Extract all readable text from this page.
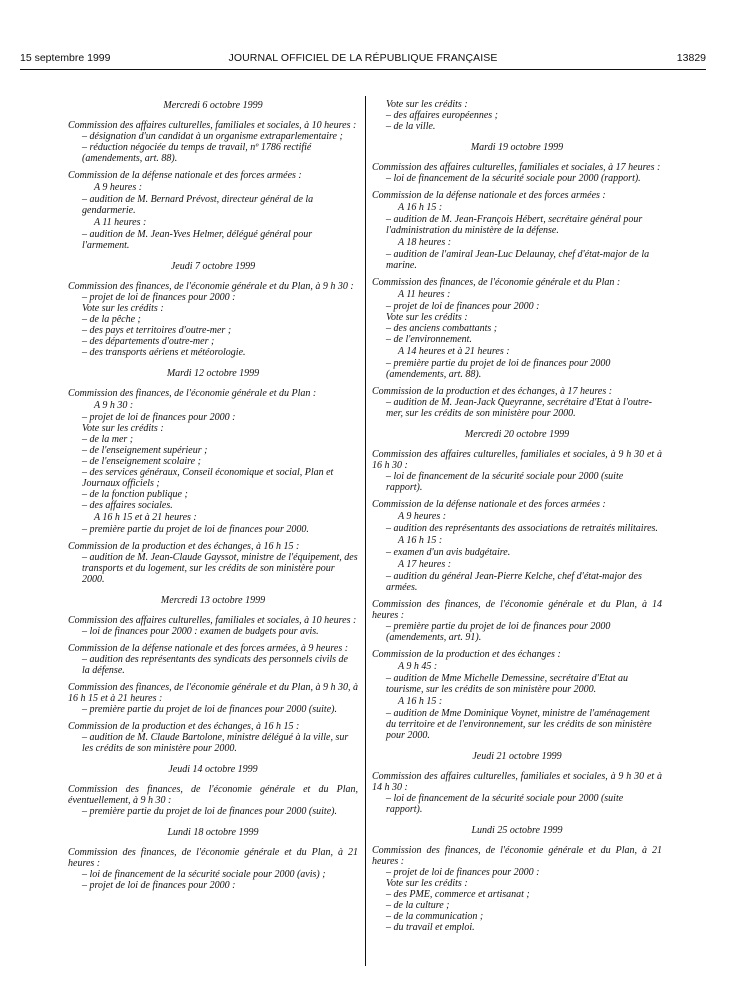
15 septembre 1999	JOURNAL OFFICIEL DE LA RÉPUBLIQUE FRANÇAISE	13829
Mercredi 6 octobre 1999
Commission des affaires culturelles, familiales et sociales, à 10 heures :
– désignation d'un candidat à un organisme extraparlementaire ;
– réduction négociée du temps de travail, nº 1786 rectifié (amendements, art. 88).
Commission de la défense nationale et des forces armées :
A 9 heures :
– audition de M. Bernard Prévost, directeur général de la gendarmerie.
A 11 heures :
– audition de M. Jean-Yves Helmer, délégué général pour l'armement.
Jeudi 7 octobre 1999
Commission des finances, de l'économie générale et du Plan, à 9 h 30 :
– projet de loi de finances pour 2000 :
Vote sur les crédits :
– de la pêche ;
– des pays et territoires d'outre-mer ;
– des départements d'outre-mer ;
– des transports aériens et météorologie.
Mardi 12 octobre 1999
Commission des finances, de l'économie générale et du Plan :
A 9 h 30 :
– projet de loi de finances pour 2000 :
Vote sur les crédits :
– de la mer ;
– de l'enseignement supérieur ;
– de l'enseignement scolaire ;
– des services généraux, Conseil économique et social, Plan et Journaux officiels ;
– de la fonction publique ;
– des affaires sociales.
A 16 h 15 et à 21 heures :
– première partie du projet de loi de finances pour 2000.
Commission de la production et des échanges, à 16 h 15 :
– audition de M. Jean-Claude Gayssot, ministre de l'équipement, des transports et du logement, sur les crédits de son ministère pour 2000.
Mercredi 13 octobre 1999
Commission des affaires culturelles, familiales et sociales, à 10 heures :
– loi de finances pour 2000 : examen de budgets pour avis.
Commission de la défense nationale et des forces armées, à 9 heures :
– audition des représentants des syndicats des personnels civils de la défense.
Commission des finances, de l'économie générale et du Plan, à 9 h 30, à 16 h 15 et à 21 heures :
– première partie du projet de loi de finances pour 2000 (suite).
Commission de la production et des échanges, à 16 h 15 :
– audition de M. Claude Bartolone, ministre délégué à la ville, sur les crédits de son ministère pour 2000.
Jeudi 14 octobre 1999
Commission des finances, de l'économie générale et du Plan, éventuellement, à 9 h 30 :
– première partie du projet de loi de finances pour 2000 (suite).
Lundi 18 octobre 1999
Commission des finances, de l'économie générale et du Plan, à 21 heures :
– loi de financement de la sécurité sociale pour 2000 (avis) ;
– projet de loi de finances pour 2000 :
Vote sur les crédits :
– des affaires européennes ;
– de la ville.
Mardi 19 octobre 1999
Commission des affaires culturelles, familiales et sociales, à 17 heures :
– loi de financement de la sécurité sociale pour 2000 (rapport).
Commission de la défense nationale et des forces armées :
A 16 h 15 :
– audition de M. Jean-François Hébert, secrétaire général pour l'administration du ministère de la défense.
A 18 heures :
– audition de l'amiral Jean-Luc Delaunay, chef d'état-major de la marine.
Commission des finances, de l'économie générale et du Plan :
A 11 heures :
– projet de loi de finances pour 2000 :
Vote sur les crédits :
– des anciens combattants ;
– de l'environnement.
A 14 heures et à 21 heures :
– première partie du projet de loi de finances pour 2000 (amendements, art. 88).
Commission de la production et des échanges, à 17 heures :
– audition de M. Jean-Jack Queyranne, secrétaire d'Etat à l'outre-mer, sur les crédits de son ministère pour 2000.
Mercredi 20 octobre 1999
Commission des affaires culturelles, familiales et sociales, à 9 h 30 et à 16 h 30 :
– loi de financement de la sécurité sociale pour 2000 (suite rapport).
Commission de la défense nationale et des forces armées :
A 9 heures :
– audition des représentants des associations de retraités militaires.
A 16 h 15 :
– examen d'un avis budgétaire.
A 17 heures :
– audition du général Jean-Pierre Kelche, chef d'état-major des armées.
Commission des finances, de l'économie générale et du Plan, à 14 heures :
– première partie du projet de loi de finances pour 2000 (amendements, art. 91).
Commission de la production et des échanges :
A 9 h 45 :
– audition de Mme Michelle Demessine, secrétaire d'Etat au tourisme, sur les crédits de son ministère pour 2000.
A 16 h 15 :
– audition de Mme Dominique Voynet, ministre de l'aménagement du territoire et de l'environnement, sur les crédits de son ministère pour 2000.
Jeudi 21 octobre 1999
Commission des affaires culturelles, familiales et sociales, à 9 h 30 et à 14 h 30 :
– loi de financement de la sécurité sociale pour 2000 (suite rapport).
Lundi 25 octobre 1999
Commission des finances, de l'économie générale et du Plan, à 21 heures :
– projet de loi de finances pour 2000 :
Vote sur les crédits :
– des PME, commerce et artisanat ;
– de la culture ;
– de la communication ;
– du travail et emploi.
